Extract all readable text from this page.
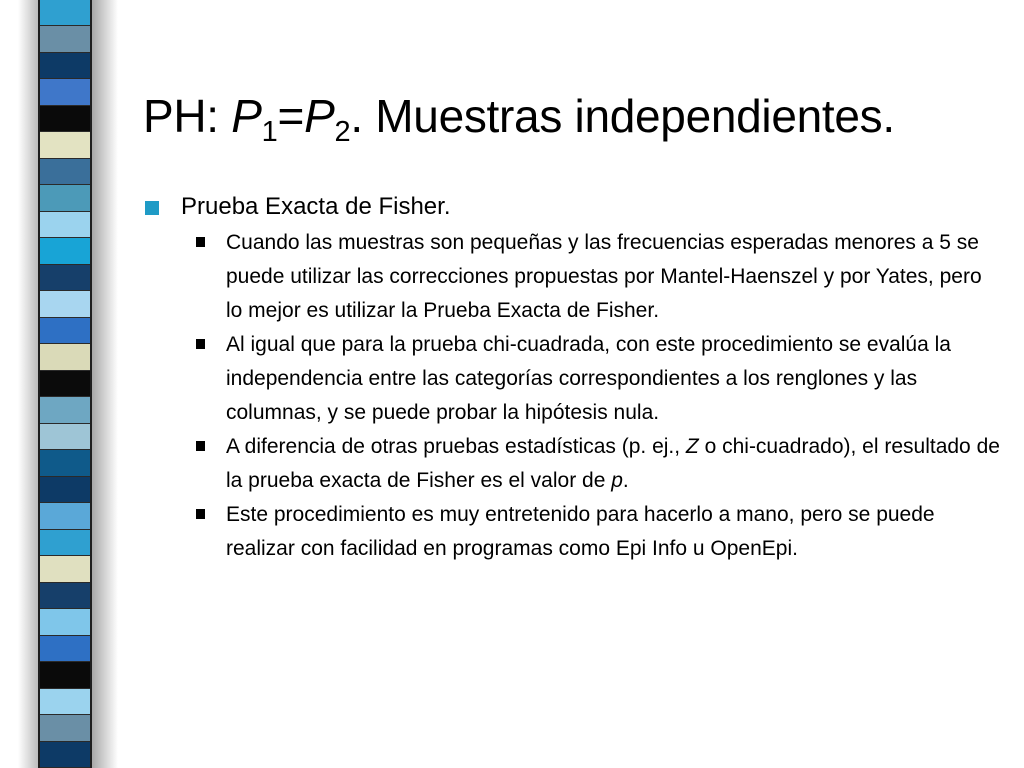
PH: $P_1=P_2$. Muestras independientes.
Prueba Exacta de Fisher.
Cuando las muestras son pequeñas y las frecuencias esperadas menores a 5 se puede utilizar las correcciones propuestas por Mantel-Haenszel y por Yates, pero lo mejor es utilizar la Prueba Exacta de Fisher.
Al igual que para la prueba chi-cuadrada, con este procedimiento se evalúa la independencia entre las categorías correspondientes a los renglones y las columnas, y se puede probar la hipótesis nula.
A diferencia de otras pruebas estadísticas (p. ej., Z o chi-cuadrado), el resultado de la prueba exacta de Fisher es el valor de p.
Este procedimiento es muy entretenido para hacerlo a mano, pero se puede realizar con facilidad en programas como Epi Info u OpenEpi.
